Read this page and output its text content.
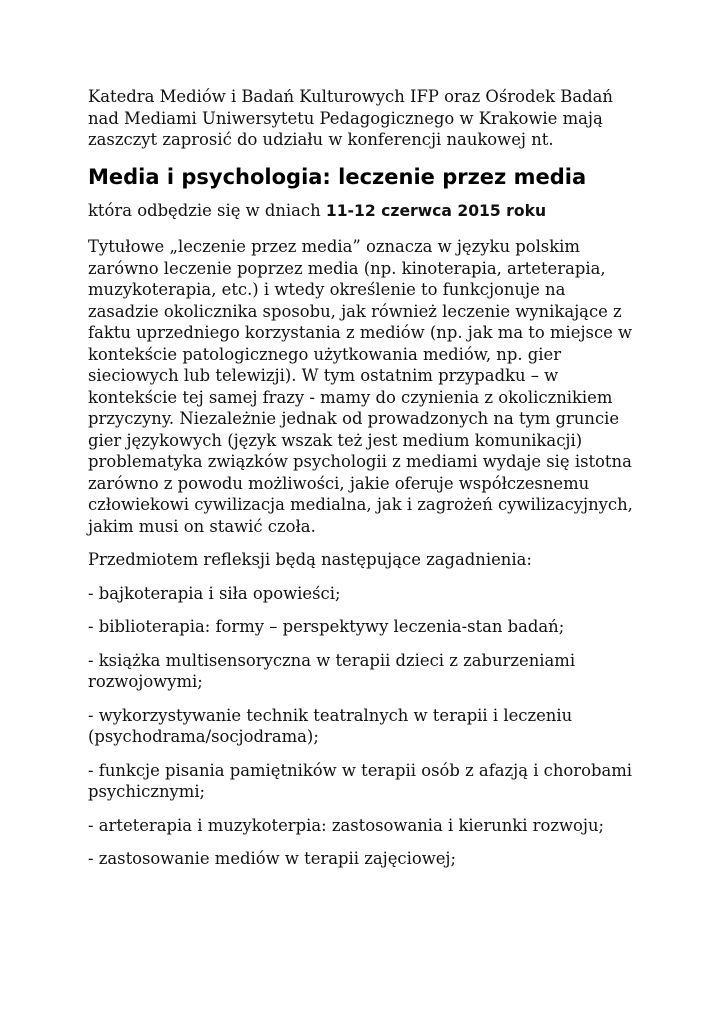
Katedra Mediów i Badań Kulturowych IFP oraz Ośrodek Badań

nad Mediami Uniwersytetu Pedagogicznego w Krakowie mają

zaszczyt zaprosić do udziału w konferencji naukowej nt.

Media i psychologia: leczenie przez media

która odbędzie się w dniach 11-12 czerwca 2015 roku

Tytułowe „leczenie przez media” oznacza w języku polskim
zarówno leczenie poprzez media (np. kinoterapia, arteterapia,
muzykoterapia, etc.) i wtedy określenie to funkcjonuje na
zasadzie okolicznika sposobu, jak również leczenie wynikające z
faktu uprzedniego korzystania z mediów (np. jak ma to miejsce w
kontekście patologicznego użytkowania mediów, np. gier
sieciowych lub telewizji). W tym ostatnim przypadku – w
kontekście tej samej frazy - mamy do czynienia z okolicznikiem
przyczyny. Niezależnie jednak od prowadzonych na tym gruncie
gier językowych (język wszak też jest medium komunikacji)
problematyka związków psychologii z mediami wydaje się istotna
zarówno z powodu możliwości, jakie oferuje współczesnemu
człowiekowi cywilizacja medialna, jak i zagrożeń cywilizacyjnych,
jakim musi on stawić czoła.

Przedmiotem refleksji będą następujące zagadnienia:

- bajkoterapia i siła opowieści;
- biblioterapia: formy – perspektywy leczenia-stan badań;
- książka multisensoryczna w terapii dzieci z zaburzeniami
rozwojowymi;
- wykorzystywanie technik teatralnych w terapii i leczeniu
(psychodrama/socjodrama);
- funkcje pisania pamiętników w terapii osób z afazją i chorobami
psychicznymi;
- arteterapia i muzykoterpia: zastosowania i kierunki rozwoju;
- zastosowanie mediów w terapii zajęciowej;
